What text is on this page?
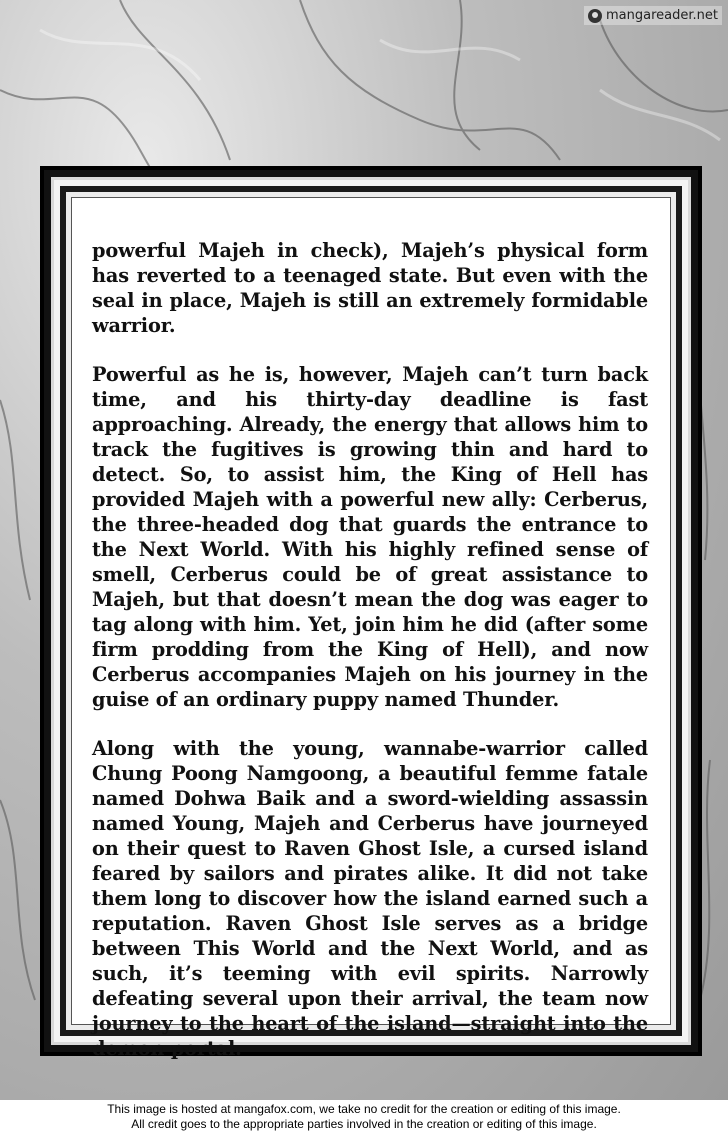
mangareader.net

powerful Majeh in check), Majeh’s physical form has reverted to a teenaged state. But even with the seal in place, Majeh is still an extremely formidable warrior.

Powerful as he is, however, Majeh can’t turn back time, and his thirty-day deadline is fast approaching. Already, the energy that allows him to track the fugitives is growing thin and hard to detect. So, to assist him, the King of Hell has provided Majeh with a powerful new ally: Cerberus, the three-headed dog that guards the entrance to the Next World. With his highly refined sense of smell, Cerberus could be of great assistance to Majeh, but that doesn’t mean the dog was eager to tag along with him. Yet, join him he did (after some firm prodding from the King of Hell), and now Cerberus accompanies Majeh on his journey in the guise of an ordinary puppy named Thunder.

Along with the young, wannabe-warrior called Chung Poong Namgoong, a beautiful femme fatale named Dohwa Baik and a sword-wielding assassin named Young, Majeh and Cerberus have journeyed on their quest to Raven Ghost Isle, a cursed island feared by sailors and pirates alike. It did not take them long to discover how the island earned such a reputation. Raven Ghost Isle serves as a bridge between This World and the Next World, and as such, it’s teeming with evil spirits. Narrowly defeating several upon their arrival, the team now journey to the heart of the island—straight into the demon portal.

This image is hosted at mangafox.com, we take no credit for the creation or editing of this image.
All credit goes to the appropriate parties involved in the creation or editing of this image.
